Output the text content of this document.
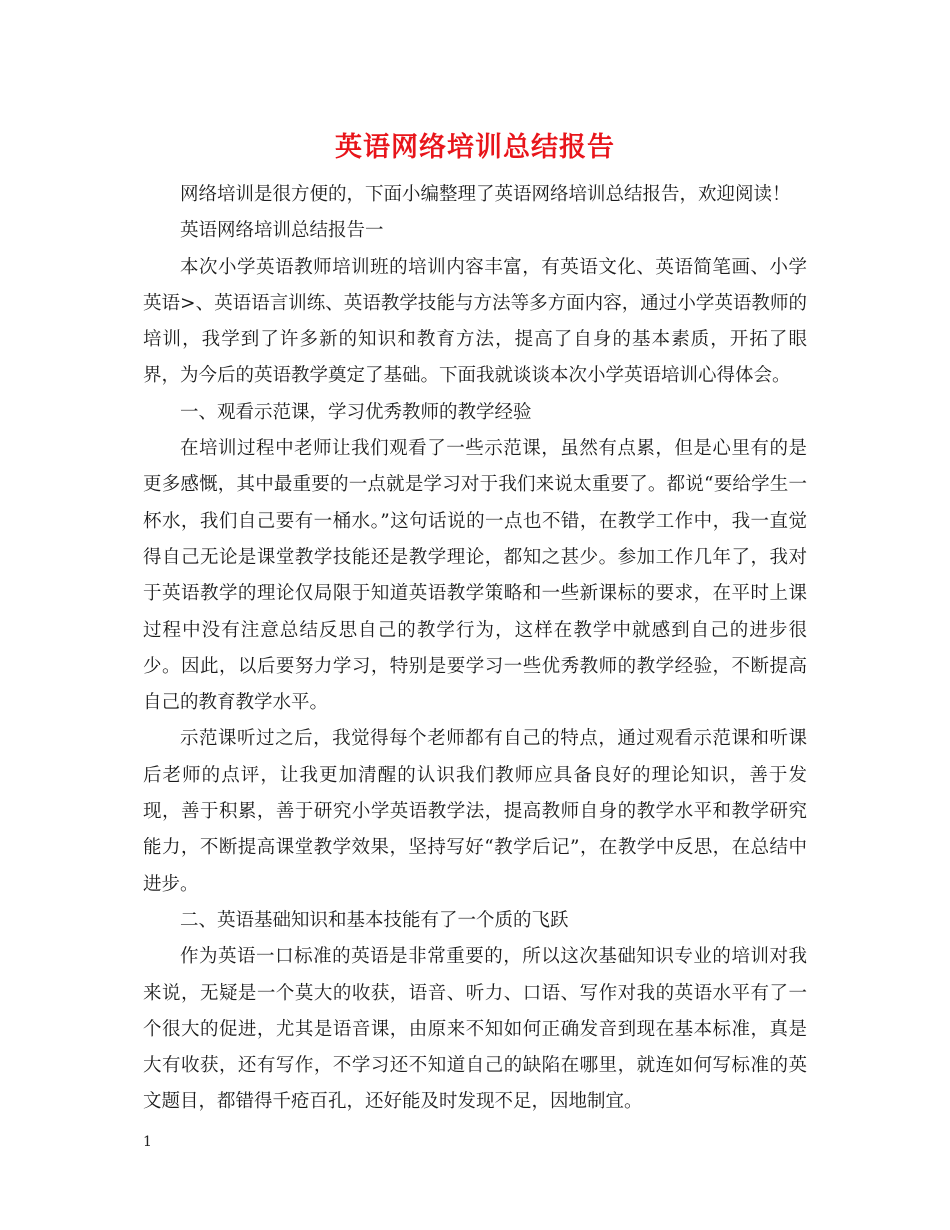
英语网络培训总结报告

网络培训是很方便的，下面小编整理了英语网络培训总结报告，欢迎阅读！

英语网络培训总结报告一

本次小学英语教师培训班的培训内容丰富，有英语文化、英语简笔画、小学英语>、英语语言训练、英语教学技能与方法等多方面内容，通过小学英语教师的培训，我学到了许多新的知识和教育方法，提高了自身的基本素质，开拓了眼界，为今后的英语教学奠定了基础。下面我就谈谈本次小学英语培训心得体会。

一、观看示范课，学习优秀教师的教学经验

在培训过程中老师让我们观看了一些示范课，虽然有点累，但是心里有的是更多感慨，其中最重要的一点就是学习对于我们来说太重要了。都说“要给学生一杯水，我们自己要有一桶水。”这句话说的一点也不错，在教学工作中，我一直觉得自己无论是课堂教学技能还是教学理论，都知之甚少。参加工作几年了，我对于英语教学的理论仅局限于知道英语教学策略和一些新课标的要求，在平时上课过程中没有注意总结反思自己的教学行为，这样在教学中就感到自己的进步很少。因此，以后要努力学习，特别是要学习一些优秀教师的教学经验，不断提高自己的教育教学水平。

示范课听过之后，我觉得每个老师都有自己的特点，通过观看示范课和听课后老师的点评，让我更加清醒的认识我们教师应具备良好的理论知识，善于发现，善于积累，善于研究小学英语教学法，提高教师自身的教学水平和教学研究能力，不断提高课堂教学效果，坚持写好“教学后记”，在教学中反思，在总结中进步。

二、英语基础知识和基本技能有了一个质的飞跃

作为英语一口标准的英语是非常重要的，所以这次基础知识专业的培训对我来说，无疑是一个莫大的收获，语音、听力、口语、写作对我的英语水平有了一个很大的促进，尤其是语音课，由原来不知如何正确发音到现在基本标准，真是大有收获，还有写作，不学习还不知道自己的缺陷在哪里，就连如何写标准的英文题目，都错得千疮百孔，还好能及时发现不足，因地制宜。

1
